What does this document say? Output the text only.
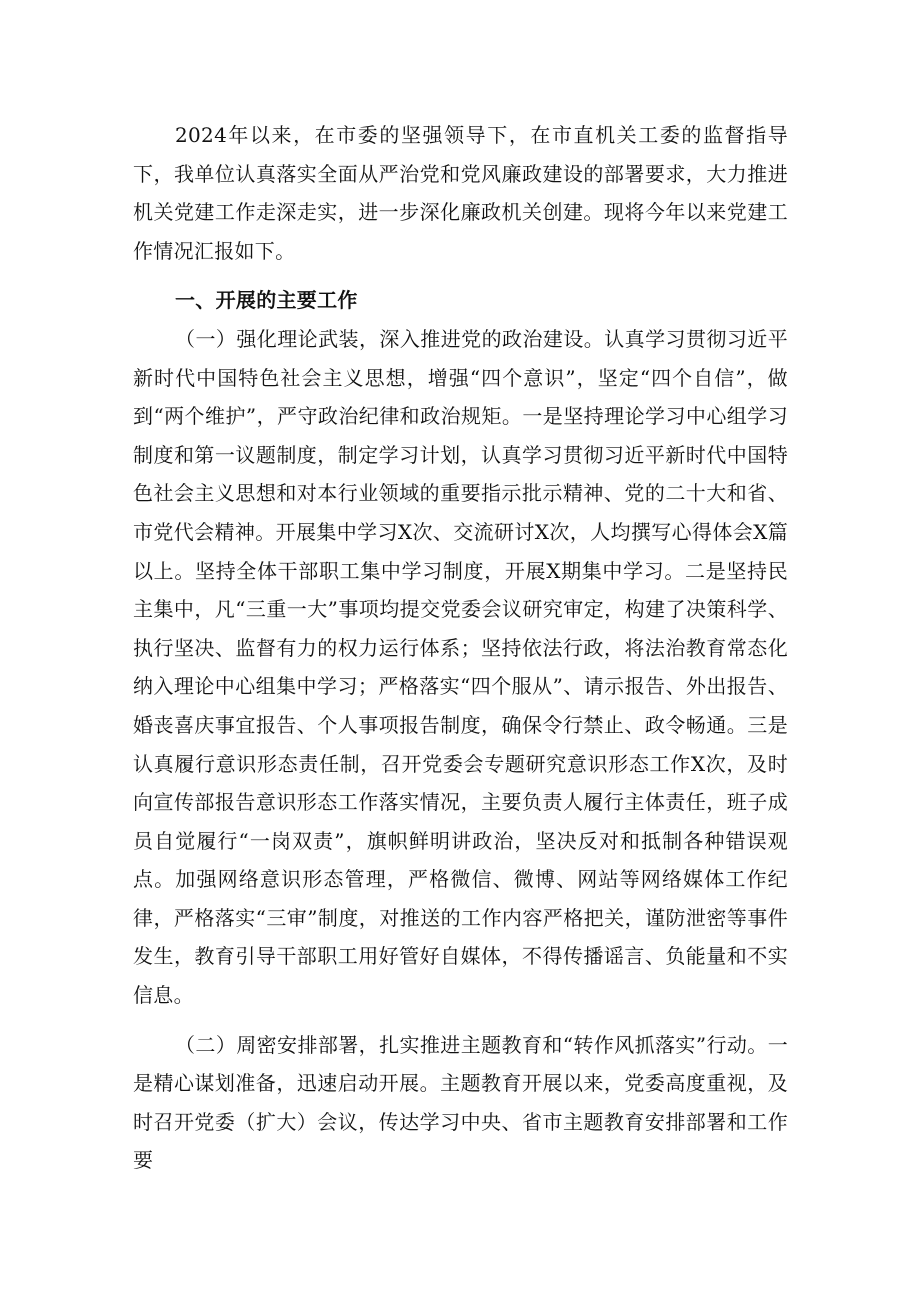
2024年以来，在市委的坚强领导下，在市直机关工委的监督指导下，我单位认真落实全面从严治党和党风廉政建设的部署要求，大力推进机关党建工作走深走实，进一步深化廉政机关创建。现将今年以来党建工作情况汇报如下。

一、开展的主要工作

（一）强化理论武装，深入推进党的政治建设。认真学习贯彻习近平新时代中国特色社会主义思想，增强“四个意识”，坚定“四个自信”，做到“两个维护”，严守政治纪律和政治规矩。一是坚持理论学习中心组学习制度和第一议题制度，制定学习计划，认真学习贯彻习近平新时代中国特色社会主义思想和对本行业领域的重要指示批示精神、党的二十大和省、市党代会精神。开展集中学习X次、交流研讨X次，人均撰写心得体会X篇以上。坚持全体干部职工集中学习制度，开展X期集中学习。二是坚持民主集中，凡“三重一大”事项均提交党委会议研究审定，构建了决策科学、执行坚决、监督有力的权力运行体系；坚持依法行政，将法治教育常态化纳入理论中心组集中学习；严格落实“四个服从”、请示报告、外出报告、婚丧喜庆事宜报告、个人事项报告制度，确保令行禁止、政令畅通。三是认真履行意识形态责任制，召开党委会专题研究意识形态工作X次，及时向宣传部报告意识形态工作落实情况，主要负责人履行主体责任，班子成员自觉履行“一岗双责”，旗帜鲜明讲政治，坚决反对和抵制各种错误观点。加强网络意识形态管理，严格微信、微博、网站等网络媒体工作纪律，严格落实“三审”制度，对推送的工作内容严格把关，谨防泄密等事件发生，教育引导干部职工用好管好自媒体，不得传播谣言、负能量和不实信息。

（二）周密安排部署，扎实推进主题教育和“转作风抓落实”行动。一是精心谋划准备，迅速启动开展。主题教育开展以来，党委高度重视，及时召开党委（扩大）会议，传达学习中央、省市主题教育安排部署和工作要
